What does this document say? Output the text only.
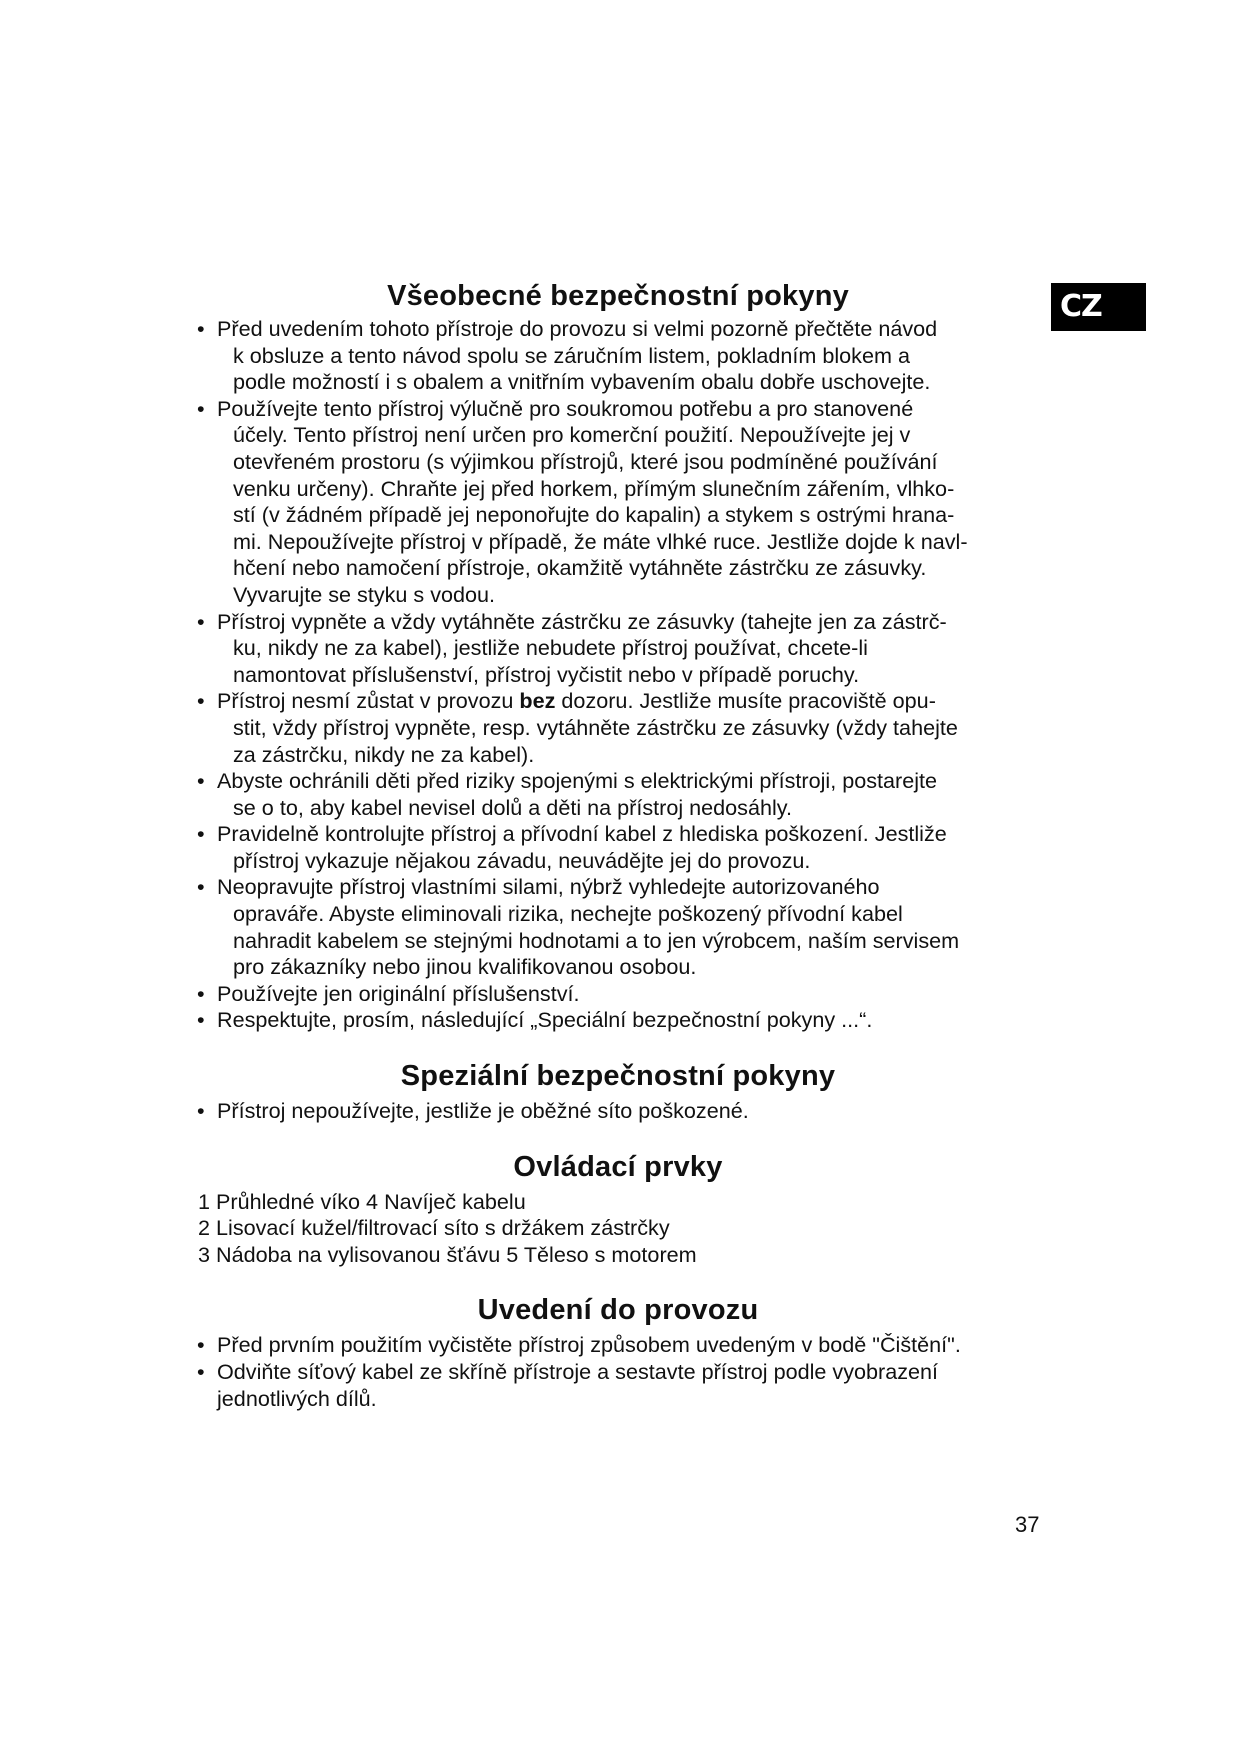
CZ
Všeobecné bezpečnostní pokyny
• Před uvedením tohoto přístroje do provozu si velmi pozorně přečtěte návod
k obsluze a tento návod spolu se záručním listem, pokladním blokem a
podle možností i s obalem a vnitřním vybavením obalu dobře uschovejte.
• Používejte tento přístroj výlučně pro soukromou potřebu a pro stanovené
účely. Tento přístroj není určen pro komerční použití. Nepoužívejte jej v
otevřeném prostoru (s výjimkou přístrojů, které jsou podmíněné používání
venku určeny). Chraňte jej před horkem, přímým slunečním zářením, vlhko-
stí (v žádném případě jej neponořujte do kapalin) a stykem s ostrými hrana-
mi. Nepoužívejte přístroj v případě, že máte vlhké ruce. Jestliže dojde k navl-
hčení nebo namočení přístroje, okamžitě vytáhněte zástrčku ze zásuvky.
Vyvarujte se styku s vodou.
• Přístroj vypněte a vždy vytáhněte zástrčku ze zásuvky (tahejte jen za zástrč-
ku, nikdy ne za kabel), jestliže nebudete přístroj používat, chcete-li
namontovat příslušenství, přístroj vyčistit nebo v případě poruchy.
• Přístroj nesmí zůstat v provozu bez dozoru. Jestliže musíte pracoviště opu-
stit, vždy přístroj vypněte, resp. vytáhněte zástrčku ze zásuvky (vždy tahejte
za zástrčku, nikdy ne za kabel).
• Abyste ochránili děti před riziky spojenými s elektrickými přístroji, postarejte
se o to, aby kabel nevisel dolů a děti na přístroj nedosáhly.
• Pravidelně kontrolujte přístroj a přívodní kabel z hlediska poškození. Jestliže
přístroj vykazuje nějakou závadu, neuvádějte jej do provozu.
• Neopravujte přístroj vlastními silami, nýbrž vyhledejte autorizovaného
opraváře. Abyste eliminovali rizika, nechejte poškozený přívodní kabel
nahradit kabelem se stejnými hodnotami a to jen výrobcem, naším servisem
pro zákazníky nebo jinou kvalifikovanou osobou.
• Používejte jen originální příslušenství.
• Respektujte, prosím, následující „Speciální bezpečnostní pokyny ...“.
Speziální bezpečnostní pokyny
• Přístroj nepoužívejte, jestliže je oběžné síto poškozené.
Ovládací prvky
1 Průhledné víko 4 Navíječ kabelu
2 Lisovací kužel/filtrovací síto s držákem zástrčky
3 Nádoba na vylisovanou šťávu 5 Těleso s motorem
Uvedení do provozu
• Před prvním použitím vyčistěte přístroj způsobem uvedeným v bodě "Čištění".
• Odviňte síťový kabel ze skříně přístroje a sestavte přístroj podle vyobrazení
jednotlivých dílů.
37
